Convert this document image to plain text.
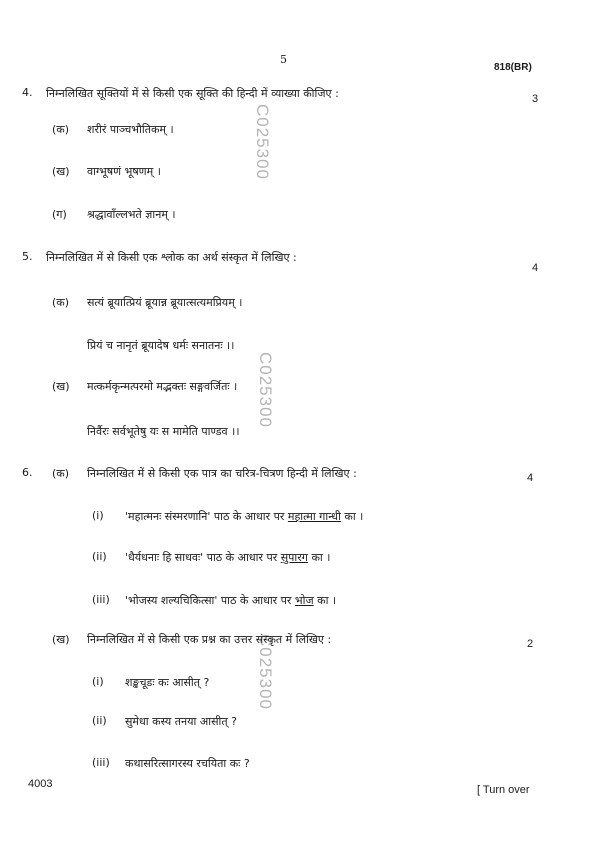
5
818(BR)
C025300
C025300
C025300
4. निम्नलिखित सूक्तियों में से किसी एक सूक्ति की हिन्दी में व्याख्या कीजिए :	3
(क) शरीरं पाञ्चभौतिकम् ।
(ख) वाग्भूषणं भूषणम् ।
(ग) श्रद्धावाँल्लभते ज्ञानम् ।
5. निम्नलिखित में से किसी एक श्लोक का अर्थ संस्कृत में लिखिए :
4
(क) सत्यं ब्रूयात्प्रियं ब्रूयान्न ब्रूयात्सत्यमप्रियम् ।
प्रियं च नानृतं ब्रूयादेष धर्मः सनातनः ।।
(ख) मत्कर्मकृन्मत्परमो मद्भक्तः सङ्गवर्जितः ।
निर्वैरः सर्वभूतेषु यः स मामेति पाण्डव ।।
6. (क) निम्नलिखित में से किसी एक पात्र का चरित्र-चित्रण हिन्दी में लिखिए :	4
(i) 'महात्मनः संस्मरणानि' पाठ के आधार पर महात्मा गान्धी का ।
(ii) 'धैर्यधनाः हि साधवः' पाठ के आधार पर सुपारग का ।
(iii) 'भोजस्य शल्यचिकित्सा' पाठ के आधार पर भोज का ।
(ख) निम्नलिखित में से किसी एक प्रश्न का उत्तर संस्कृत में लिखिए :	2
(i) शङ्खचूडः कः आसीत् ?
(ii) सुमेधा कस्य तनया आसीत् ?
(iii) कथासरित्सागरस्य रचयिता कः ?
4003	[ Turn over
